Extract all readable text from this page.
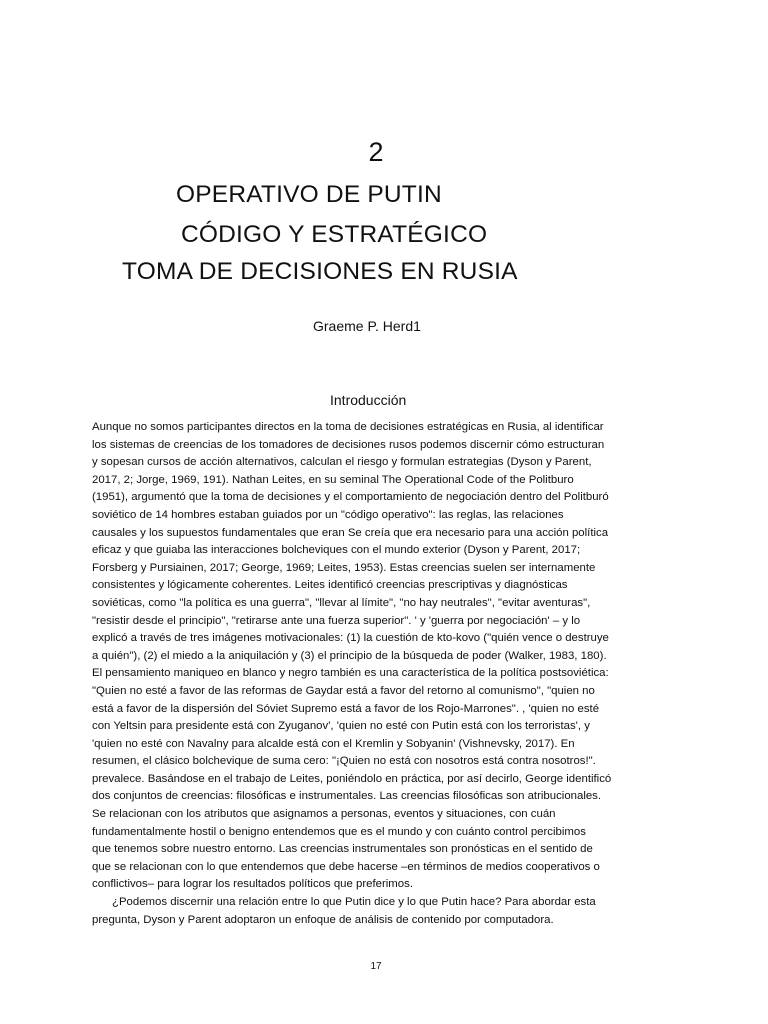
2
OPERATIVO DE PUTIN
CÓDIGO Y ESTRATÉGICO
TOMA DE DECISIONES EN RUSIA
Graeme P. Herd1
Introducción
Aunque no somos participantes directos en la toma de decisiones estratégicas en Rusia, al identificar
los sistemas de creencias de los tomadores de decisiones rusos podemos discernir cómo estructuran
y sopesan cursos de acción alternativos, calculan el riesgo y formulan estrategias (Dyson y Parent,
2017, 2; Jorge, 1969, 191). Nathan Leites, en su seminal The Operational Code of the Politburo
(1951), argumentó que la toma de decisiones y el comportamiento de negociación dentro del Politburó
soviético de 14 hombres estaban guiados por un "código operativo": las reglas, las relaciones
causales y los supuestos fundamentales que eran Se creía que era necesario para una acción política
eficaz y que guiaba las interacciones bolcheviques con el mundo exterior (Dyson y Parent, 2017;
Forsberg y Pursiainen, 2017; George, 1969; Leites, 1953). Estas creencias suelen ser internamente
consistentes y lógicamente coherentes. Leites identificó creencias prescriptivas y diagnósticas
soviéticas, como "la política es una guerra", "llevar al límite", "no hay neutrales", "evitar aventuras",
"resistir desde el principio", "retirarse ante una fuerza superior". ' y 'guerra por negociación' – y lo
explicó a través de tres imágenes motivacionales: (1) la cuestión de kto-kovo ("quién vence o destruye
a quién"), (2) el miedo a la aniquilación y (3) el principio de la búsqueda de poder (Walker, 1983, 180).
El pensamiento maniqueo en blanco y negro también es una característica de la política postsoviética:
"Quien no esté a favor de las reformas de Gaydar está a favor del retorno al comunismo", "quien no
está a favor de la dispersión del Sóviet Supremo está a favor de los Rojo-Marrones". , 'quien no esté
con Yeltsin para presidente está con Zyuganov', 'quien no esté con Putin está con los terroristas', y
'quien no esté con Navalny para alcalde está con el Kremlin y Sobyanin' (Vishnevsky, 2017). En
resumen, el clásico bolchevique de suma cero: "¡Quien no está con nosotros está contra nosotros!".
prevalece. Basándose en el trabajo de Leites, poniéndolo en práctica, por así decirlo, George identificó
dos conjuntos de creencias: filosóficas e instrumentales. Las creencias filosóficas son atribucionales.
Se relacionan con los atributos que asignamos a personas, eventos y situaciones, con cuán
fundamentalmente hostil o benigno entendemos que es el mundo y con cuánto control percibimos
que tenemos sobre nuestro entorno. Las creencias instrumentales son pronósticas en el sentido de
que se relacionan con lo que entendemos que debe hacerse –en términos de medios cooperativos o
conflictivos– para lograr los resultados políticos que preferimos.
¿Podemos discernir una relación entre lo que Putin dice y lo que Putin hace? Para abordar esta
pregunta, Dyson y Parent adoptaron un enfoque de análisis de contenido por computadora.
17
